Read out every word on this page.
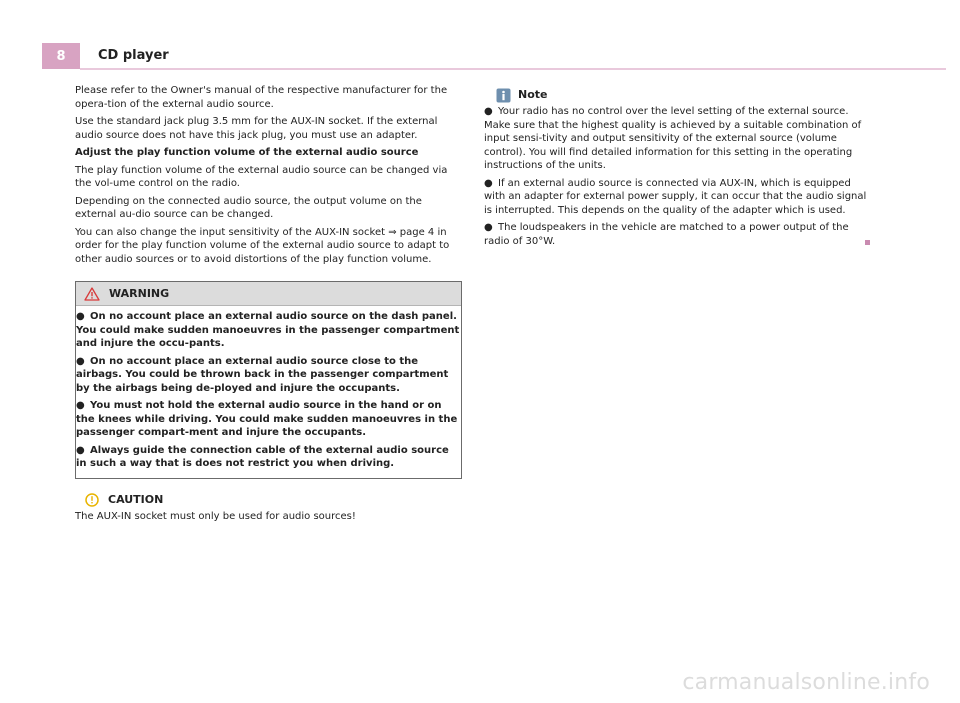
8	CD player

Please refer to the Owner's manual of the respective manufacturer for the opera-tion of the external audio source.

Use the standard jack plug 3.5 mm for the AUX-IN socket. If the external audio source does not have this jack plug, you must use an adapter.

Adjust the play function volume of the external audio source

The play function volume of the external audio source can be changed via the vol-ume control on the radio.

Depending on the connected audio source, the output volume on the external au-dio source can be changed.

You can also change the input sensitivity of the AUX-IN socket ⇒ page 4 in order for the play function volume of the external audio source to adapt to other audio sources or to avoid distortions of the play function volume.

WARNING

● On no account place an external audio source on the dash panel. You could make sudden manoeuvres in the passenger compartment and injure the occu-pants.

● On no account place an external audio source close to the airbags. You could be thrown back in the passenger compartment by the airbags being de-ployed and injure the occupants.

● You must not hold the external audio source in the hand or on the knees while driving. You could make sudden manoeuvres in the passenger compart-ment and injure the occupants.

● Always guide the connection cable of the external audio source in such a way that is does not restrict you when driving.

CAUTION

The AUX-IN socket must only be used for audio sources!

Note

● Your radio has no control over the level setting of the external source. Make sure that the highest quality is achieved by a suitable combination of input sensi-tivity and output sensitivity of the external source (volume control). You will find detailed information for this setting in the operating instructions of the units.

● If an external audio source is connected via AUX-IN, which is equipped with an adapter for external power supply, it can occur that the audio signal is interrupted. This depends on the quality of the adapter which is used.

● The loudspeakers in the vehicle are matched to a power output of the radio of 30°W.

carmanualsonline.info
